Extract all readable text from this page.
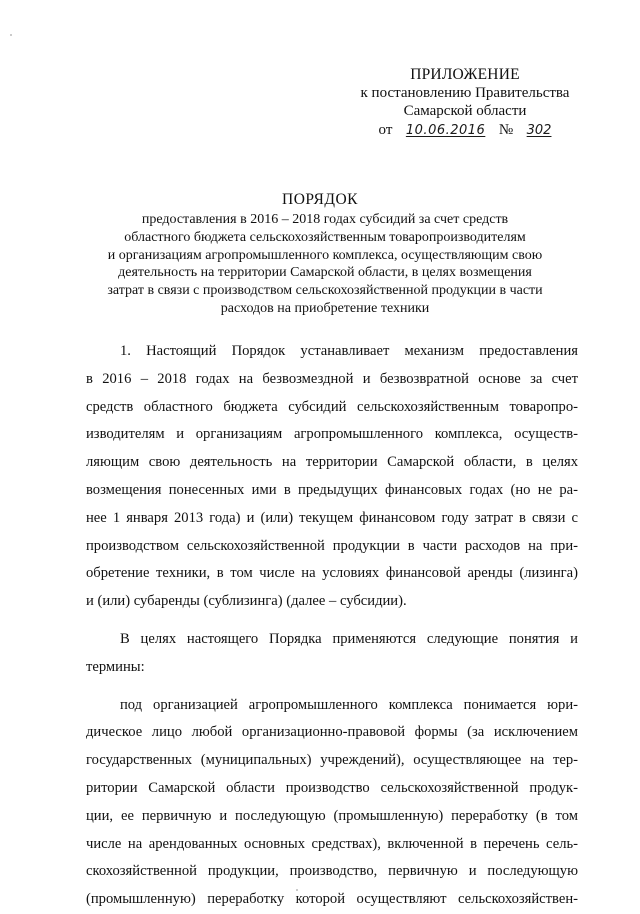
ПРИЛОЖЕНИЕ
к постановлению Правительства
Самарской области
от 10.06.2016 № 302
ПОРЯДОК
предоставления в 2016 – 2018 годах субсидий за счет средств
областного бюджета сельскохозяйственным товаропроизводителям
и организациям агропромышленного комплекса, осуществляющим свою
деятельность на территории Самарской области, в целях возмещения
затрат в связи с производством сельскохозяйственной продукции в части
расходов на приобретение техники
1. Настоящий Порядок устанавливает механизм предоставления
в 2016 – 2018 годах на безвозмездной и безвозвратной основе за счет
средств областного бюджета субсидий сельскохозяйственным товаропро-
изводителям и организациям агропромышленного комплекса, осуществ-
ляющим свою деятельность на территории Самарской области, в целях
возмещения понесенных ими в предыдущих финансовых годах (но не ра-
нее 1 января 2013 года) и (или) текущем финансовом году затрат в связи с
производством сельскохозяйственной продукции в части расходов на при-
обретение техники, в том числе на условиях финансовой аренды (лизинга)
и (или) субаренды (сублизинга) (далее – субсидии).
В целях настоящего Порядка применяются следующие понятия и
термины:
под организацией агропромышленного комплекса понимается юри-
дическое лицо любой организационно-правовой формы (за исключением
государственных (муниципальных) учреждений), осуществляющее на тер-
ритории Самарской области производство сельскохозяйственной продук-
ции, ее первичную и последующую (промышленную) переработку (в том
числе на арендованных основных средствах), включенной в перечень сель-
скохозяйственной продукции, производство, первичную и последующую
(промышленную) переработку которой осуществляют сельскохозяйствен-
